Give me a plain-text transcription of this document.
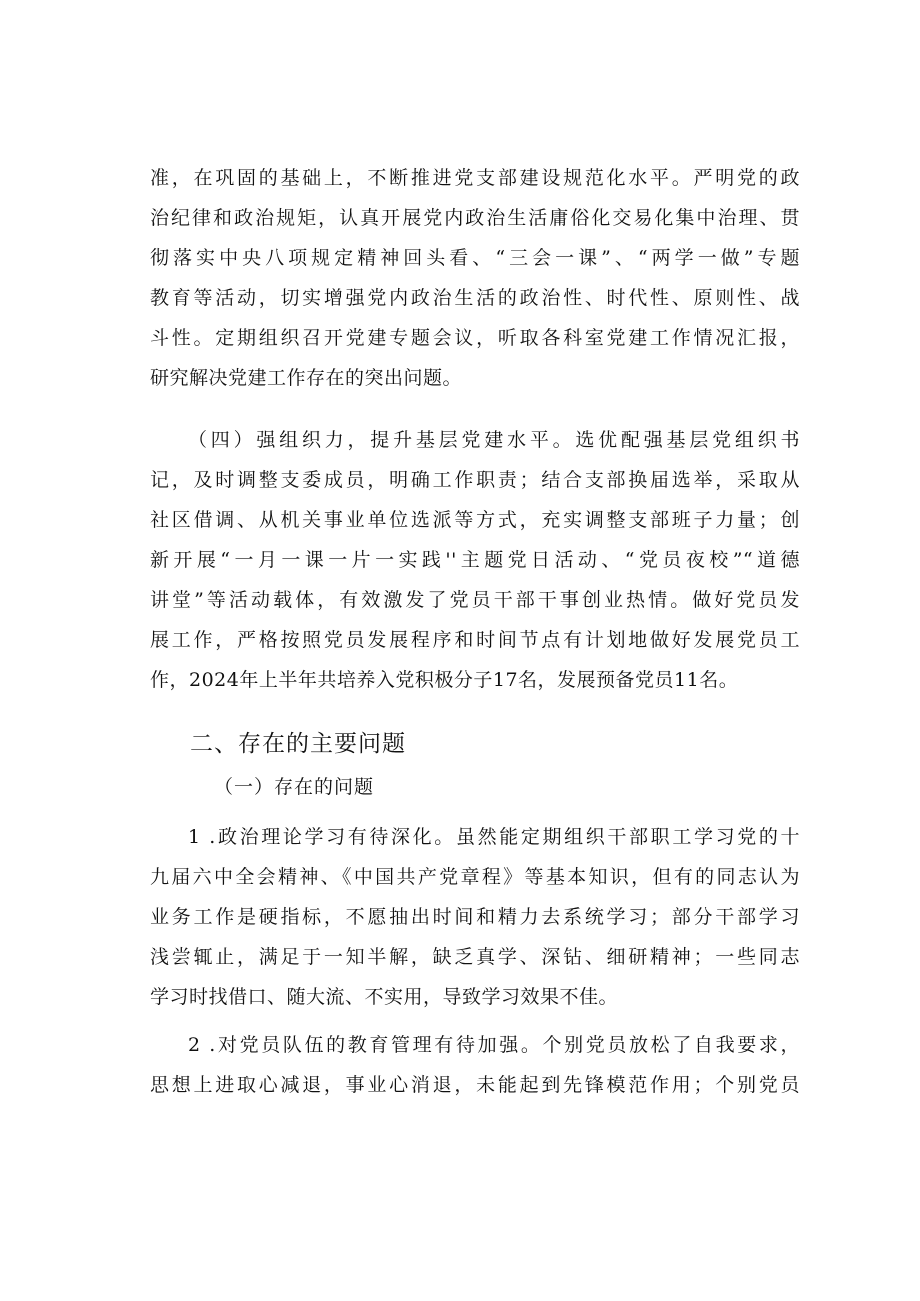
准，在巩固的基础上，不断推进党支部建设规范化水平。严明党的政
治纪律和政治规矩，认真开展党内政治生活庸俗化交易化集中治理、贯
彻落实中央八项规定精神回头看、“三会一课”、“两学一做”专题
教育等活动，切实增强党内政治生活的政治性、时代性、原则性、战
斗性。定期组织召开党建专题会议，听取各科室党建工作情况汇报，
研究解决党建工作存在的突出问题。
（四）强组织力，提升基层党建水平。选优配强基层党组织书
记，及时调整支委成员，明确工作职责；结合支部换届选举，采取从
社区借调、从机关事业单位选派等方式，充实调整支部班子力量；创
新开展“一月一课一片一实践''主题党日活动、“党员夜校”“道德
讲堂”等活动载体，有效激发了党员干部干事创业热情。做好党员发
展工作，严格按照党员发展程序和时间节点有计划地做好发展党员工
作，2024年上半年共培养入党积极分子17名，发展预备党员11名。
二、存在的主要问题
（一）存在的问题
1 .政治理论学习有待深化。虽然能定期组织干部职工学习党的十
九届六中全会精神、《中国共产党章程》等基本知识，但有的同志认为
业务工作是硬指标，不愿抽出时间和精力去系统学习；部分干部学习
浅尝辄止，满足于一知半解，缺乏真学、深钻、细研精神；一些同志
学习时找借口、随大流、不实用，导致学习效果不佳。
2 .对党员队伍的教育管理有待加强。个别党员放松了自我要求，
思想上进取心减退，事业心消退，未能起到先锋模范作用；个别党员
